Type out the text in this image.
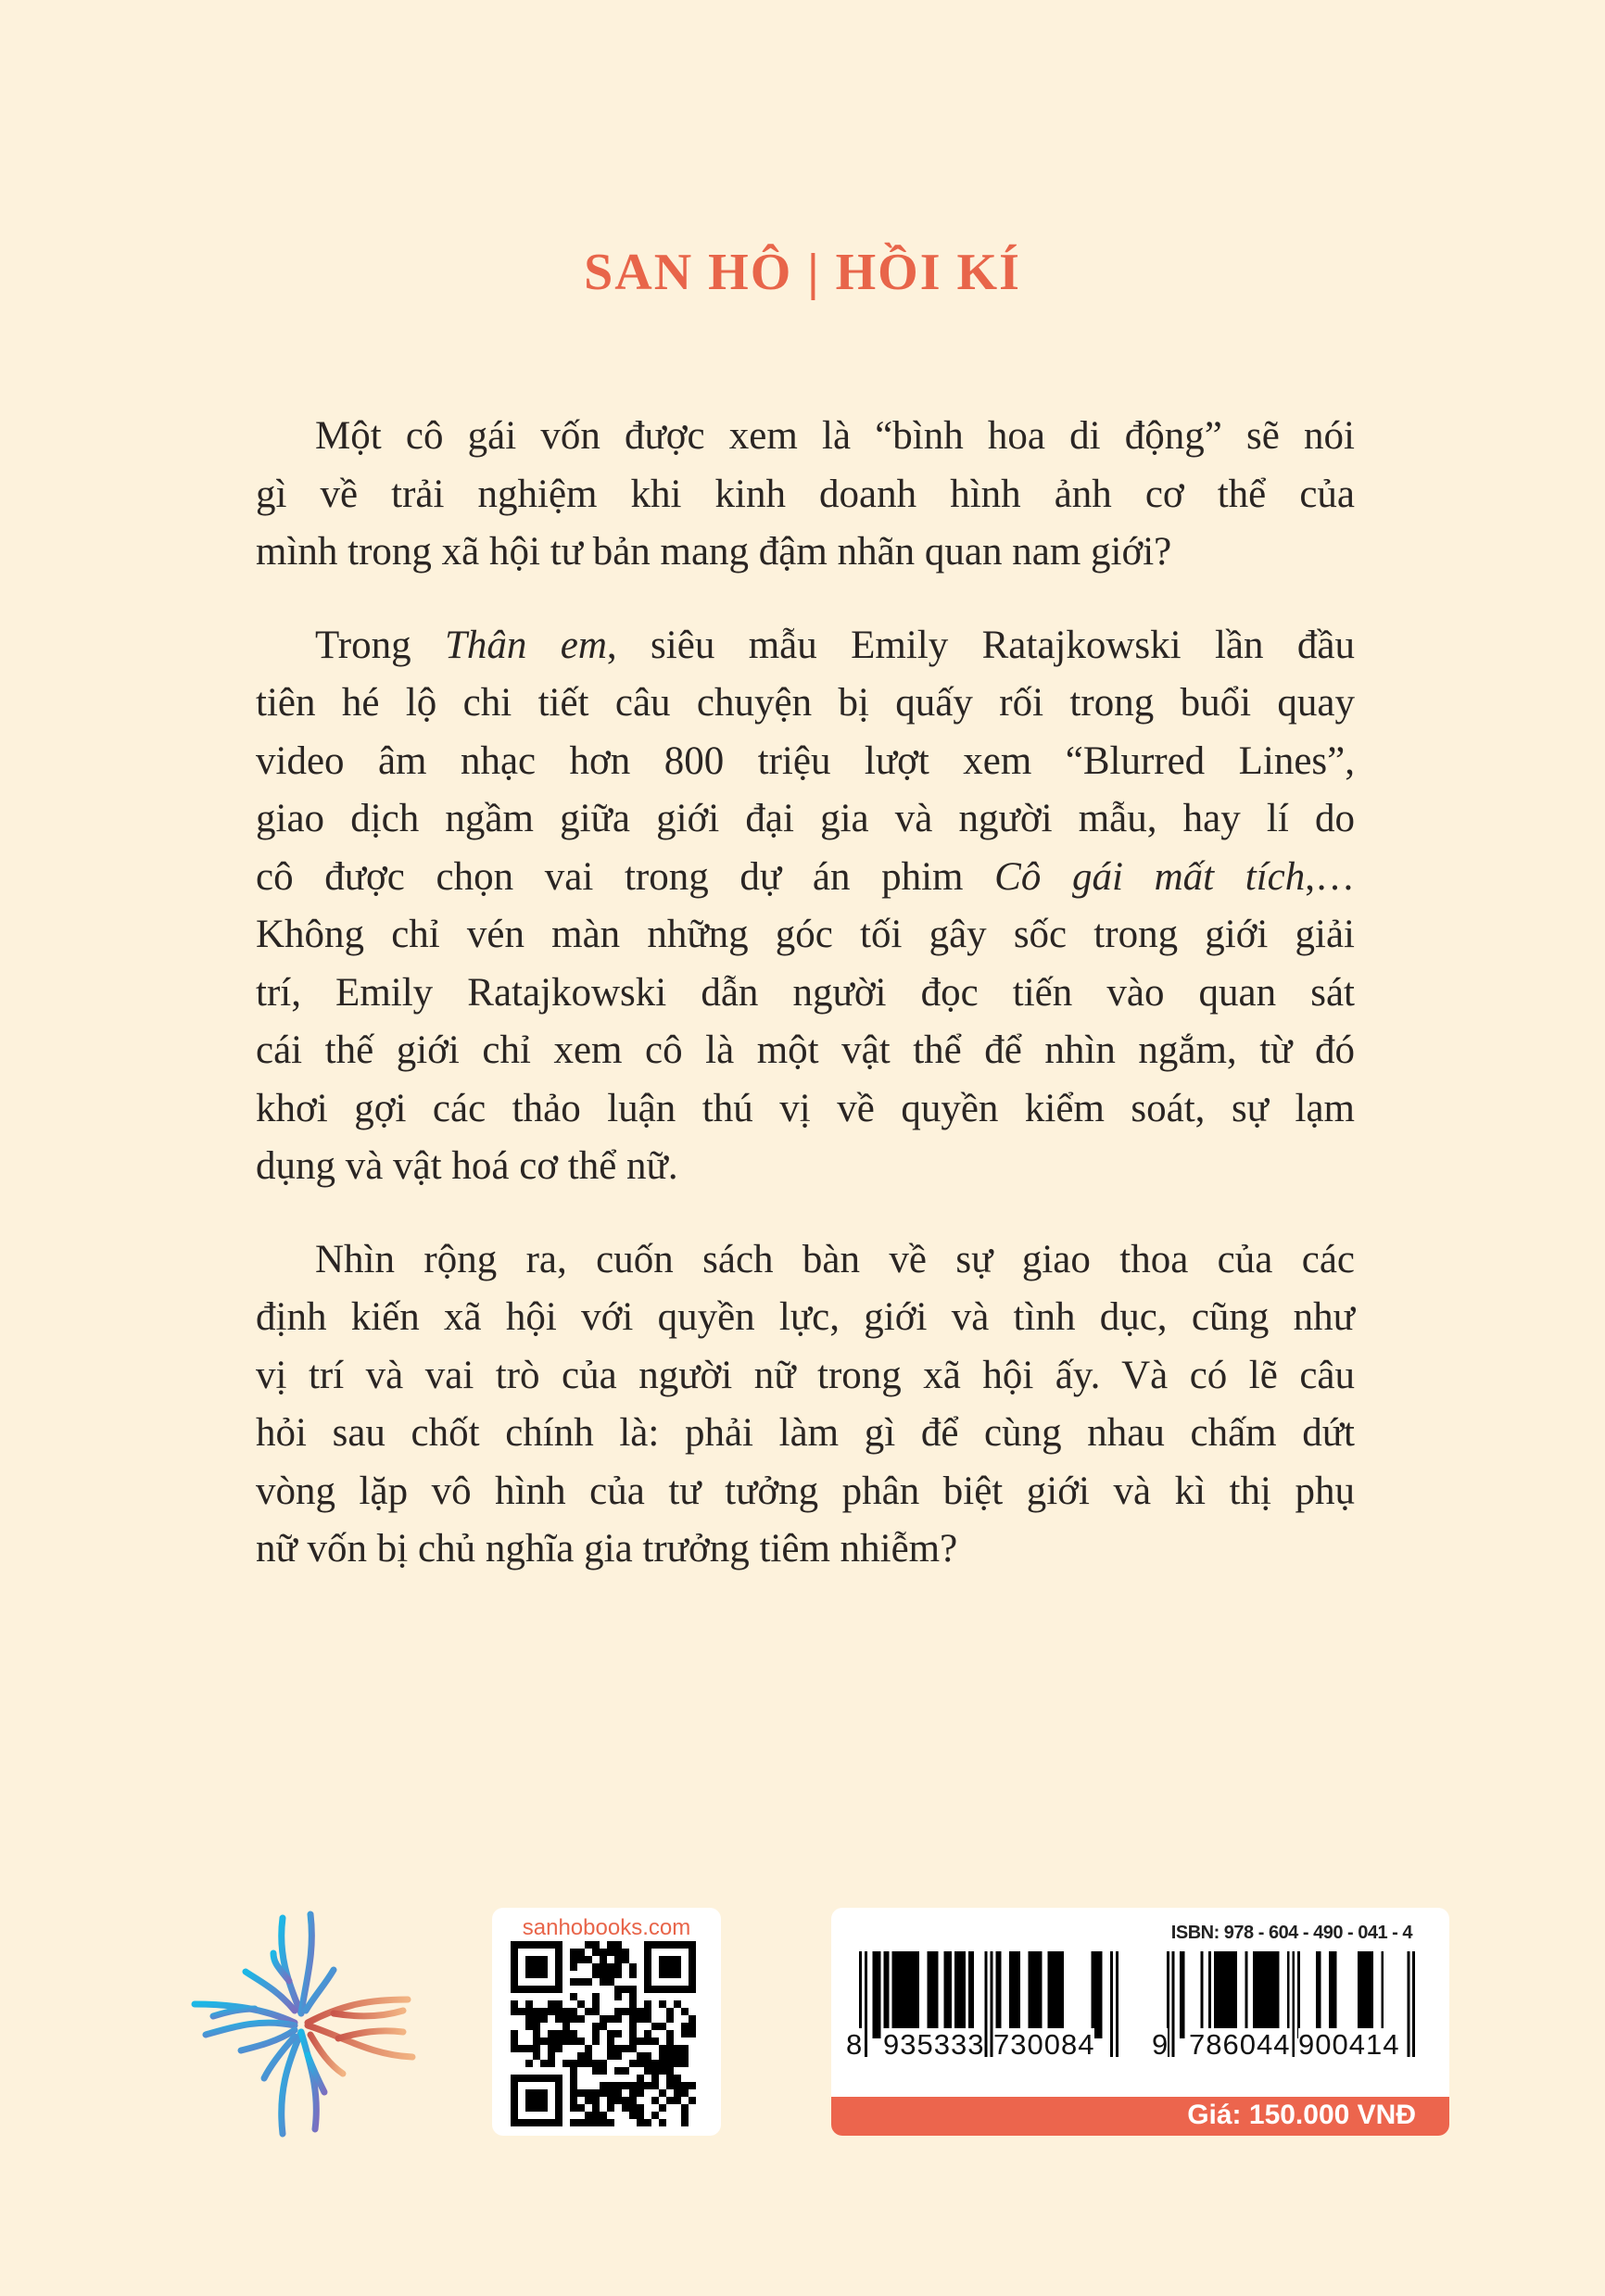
SAN HÔ | HỒI KÍ
Một cô gái vốn được xem là “bình hoa di động” sẽ nói
gì về trải nghiệm khi kinh doanh hình ảnh cơ thể của
mình trong xã hội tư bản mang đậm nhãn quan nam giới?
Trong Thân em, siêu mẫu Emily Ratajkowski lần đầu
tiên hé lộ chi tiết câu chuyện bị quấy rối trong buổi quay
video âm nhạc hơn 800 triệu lượt xem “Blurred Lines”,
giao dịch ngầm giữa giới đại gia và người mẫu, hay lí do
cô được chọn vai trong dự án phim Cô gái mất tích,…
Không chỉ vén màn những góc tối gây sốc trong giới giải
trí, Emily Ratajkowski dẫn người đọc tiến vào quan sát
cái thế giới chỉ xem cô là một vật thể để nhìn ngắm, từ đó
khơi gợi các thảo luận thú vị về quyền kiểm soát, sự lạm
dụng và vật hoá cơ thể nữ.
Nhìn rộng ra, cuốn sách bàn về sự giao thoa của các
định kiến xã hội với quyền lực, giới và tình dục, cũng như
vị trí và vai trò của người nữ trong xã hội ấy. Và có lẽ câu
hỏi sau chốt chính là: phải làm gì để cùng nhau chấm dứt
vòng lặp vô hình của tư tưởng phân biệt giới và kì thị phụ
nữ vốn bị chủ nghĩa gia trưởng tiêm nhiễm?
sanhobooks.com	ISBN: 978 - 604 - 490 - 041 - 4
8 935333 730084 9 786044 900414
Giá: 150.000 VNĐ
